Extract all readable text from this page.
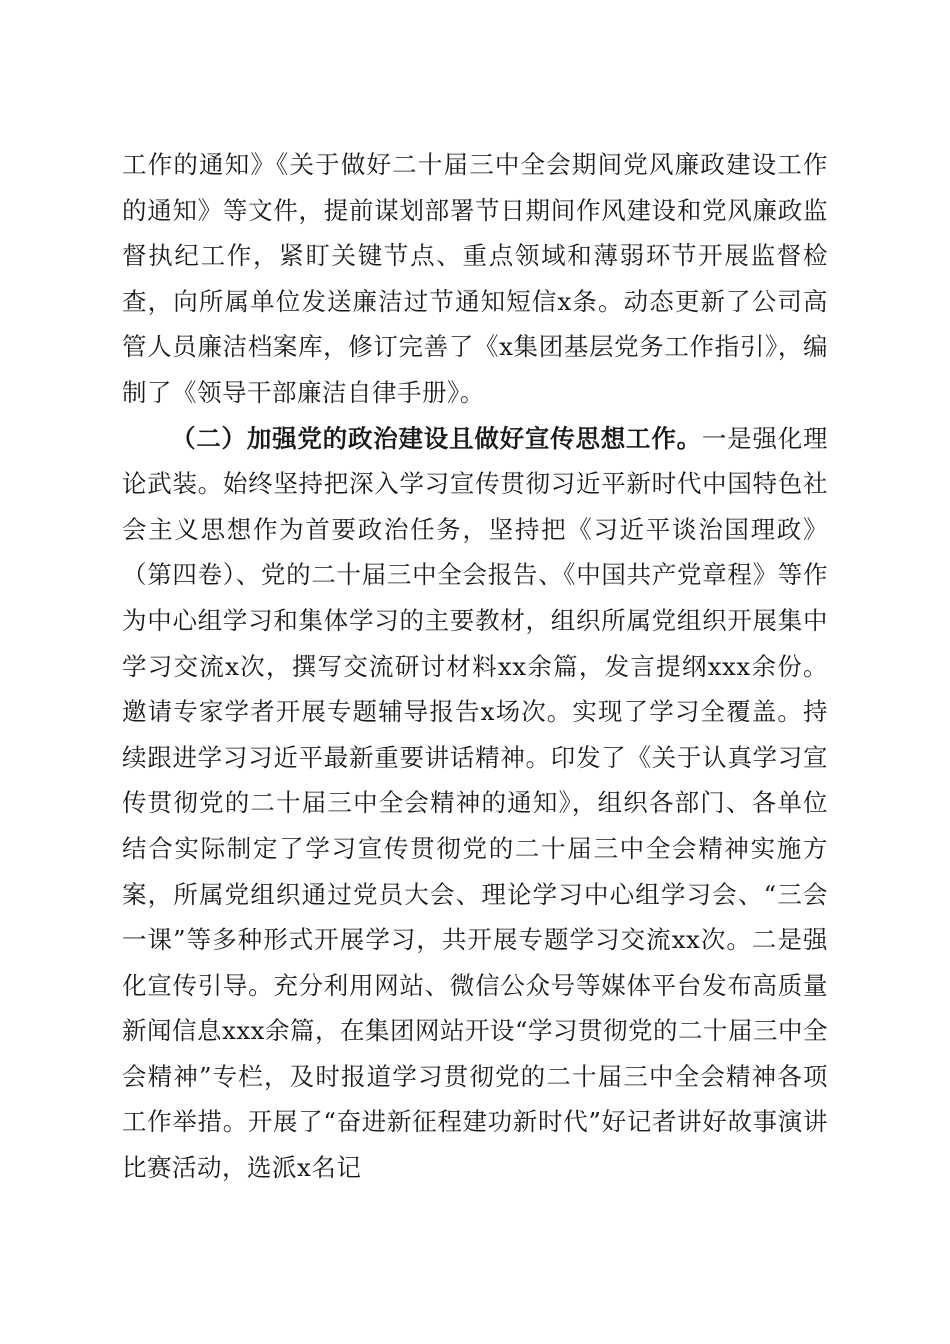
工作的通知》《关于做好二十届三中全会期间党风廉政建设工作的通知》等文件，提前谋划部署节日期间作风建设和党风廉政监督执纪工作，紧盯关键节点、重点领域和薄弱环节开展监督检查，向所属单位发送廉洁过节通知短信x条。动态更新了公司高管人员廉洁档案库，修订完善了《x集团基层党务工作指引》，编制了《领导干部廉洁自律手册》。

（二）加强党的政治建设且做好宣传思想工作。一是强化理论武装。始终坚持把深入学习宣传贯彻习近平新时代中国特色社会主义思想作为首要政治任务，坚持把《习近平谈治国理政》（第四卷）、党的二十届三中全会报告、《中国共产党章程》等作为中心组学习和集体学习的主要教材，组织所属党组织开展集中学习交流x次，撰写交流研讨材料xx余篇，发言提纲xxx余份。邀请专家学者开展专题辅导报告x场次。实现了学习全覆盖。持续跟进学习习近平最新重要讲话精神。印发了《关于认真学习宣传贯彻党的二十届三中全会精神的通知》，组织各部门、各单位结合实际制定了学习宣传贯彻党的二十届三中全会精神实施方案，所属党组织通过党员大会、理论学习中心组学习会、“三会一课”等多种形式开展学习，共开展专题学习交流xx次。二是强化宣传引导。充分利用网站、微信公众号等媒体平台发布高质量新闻信息xxx余篇，在集团网站开设“学习贯彻党的二十届三中全会精神”专栏，及时报道学习贯彻党的二十届三中全会精神各项工作举措。开展了“奋进新征程建功新时代”好记者讲好故事演讲比赛活动，选派x名记
